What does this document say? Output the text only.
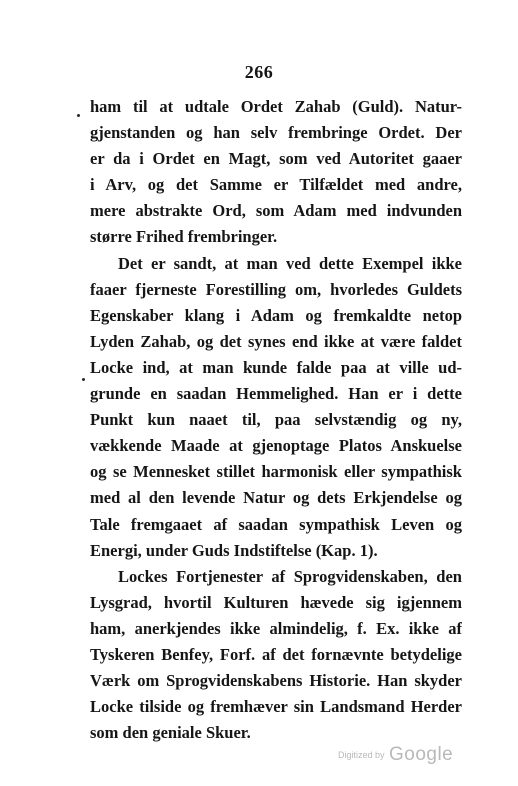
266
ham til at udtale Ordet Zahab (Guld). Natur-
gjenstanden og han selv frembringe Ordet. Der
er da i Ordet en Magt, som ved Autoritet gaaer
i Arv, og det Samme er Tilfældet med andre,
mere abstrakte Ord, som Adam med indvunden
større Frihed frembringer.
Det er sandt, at man ved dette Exempel ikke
faaer fjerneste Forestilling om, hvorledes Guldets
Egenskaber klang i Adam og fremkaldte netop
Lyden Zahab, og det synes end ikke at være faldet
Locke ind, at man kunde falde paa at ville ud-
grunde en saadan Hemmelighed. Han er i dette
Punkt kun naaet til, paa selvstændig og ny,
vækkende Maade at gjenoptage Platos Anskuelse
og se Mennesket stillet harmonisk eller sympathisk
med al den levende Natur og dets Erkjendelse og
Tale fremgaaet af saadan sympathisk Leven og
Energi, under Guds Indstiftelse (Kap. 1).
Lockes Fortjenester af Sprogvidenskaben, den
Lysgrad, hvortil Kulturen hævede sig igjennem
ham, anerkjendes ikke almindelig, f. Ex. ikke af
Tyskeren Benfey, Forf. af det fornævnte betydelige
Værk om Sprogvidenskabens Historie. Han skyder
Locke tilside og fremhæver sin Landsmand Herder
som den geniale Skuer.
Digitized by Google
